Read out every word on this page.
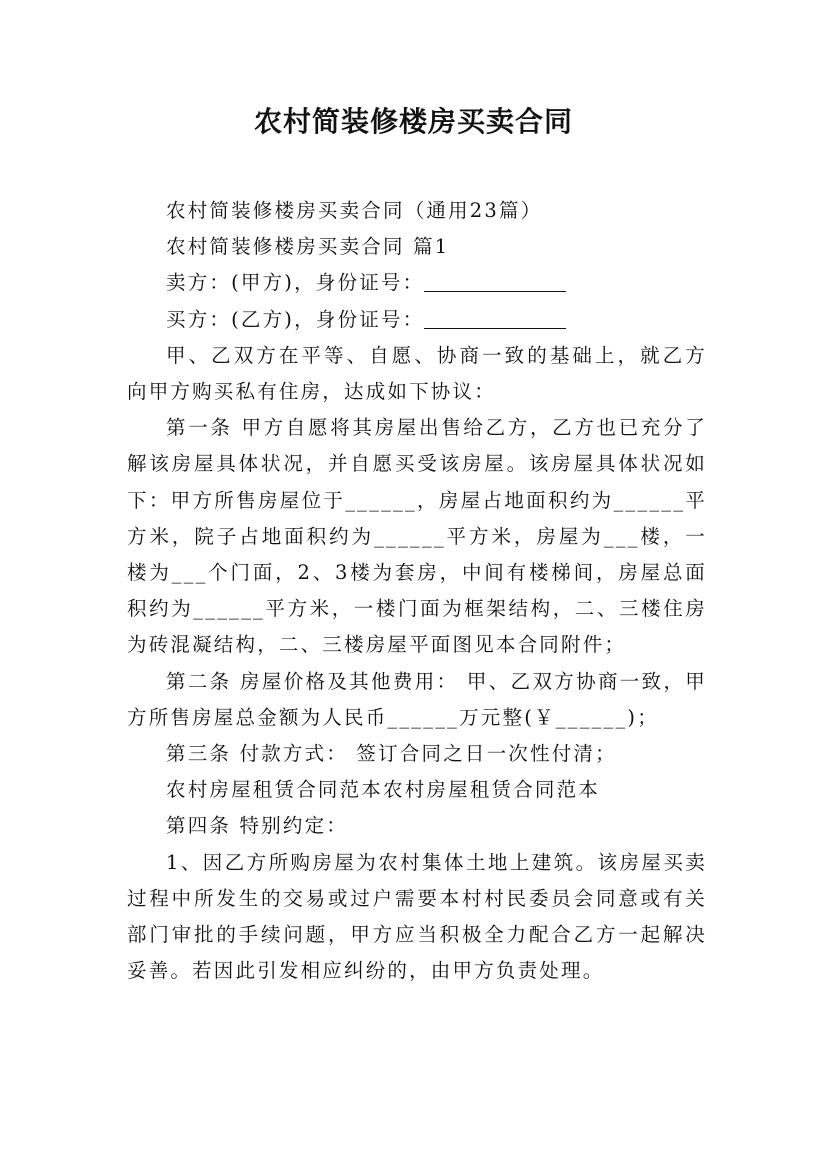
农村简装修楼房买卖合同

农村简装修楼房买卖合同（通用23篇）

农村简装修楼房买卖合同 篇1

卖方：(甲方)，身份证号：

买方：(乙方)，身份证号：

甲、乙双方在平等、自愿、协商一致的基础上，就乙方向甲方购买私有住房，达成如下协议：

第一条 甲方自愿将其房屋出售给乙方，乙方也已充分了解该房屋具体状况，并自愿买受该房屋。该房屋具体状况如下：甲方所售房屋位于______，房屋占地面积约为______平方米，院子占地面积约为______平方米，房屋为___楼，一楼为___个门面，2、3楼为套房，中间有楼梯间，房屋总面积约为______平方米，一楼门面为框架结构，二、三楼住房为砖混凝结构，二、三楼房屋平面图见本合同附件；

第二条 房屋价格及其他费用： 甲、乙双方协商一致，甲方所售房屋总金额为人民币______万元整(￥______)；

第三条 付款方式： 签订合同之日一次性付清；

农村房屋租赁合同范本农村房屋租赁合同范本

第四条 特别约定：

1、因乙方所购房屋为农村集体土地上建筑。该房屋买卖过程中所发生的交易或过户需要本村村民委员会同意或有关部门审批的手续问题，甲方应当积极全力配合乙方一起解决妥善。若因此引发相应纠纷的，由甲方负责处理。
